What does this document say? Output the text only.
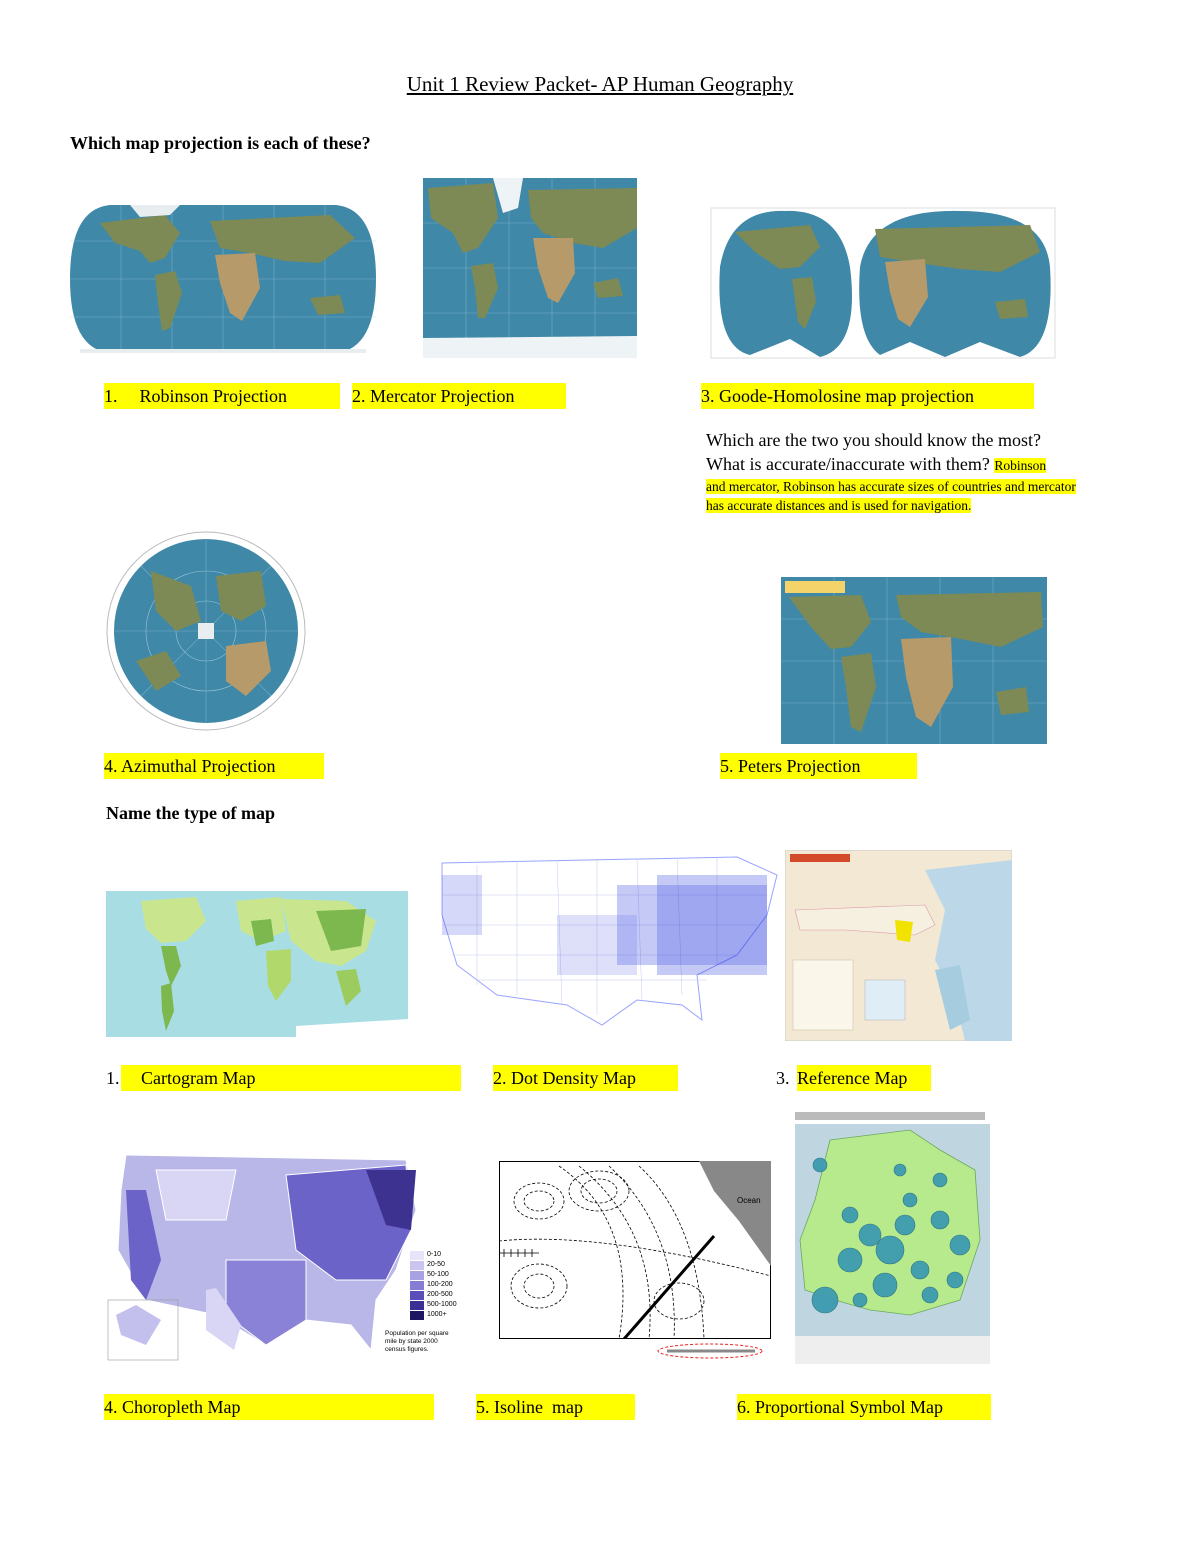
Unit 1 Review Packet- AP Human Geography
Which map projection is each of these?
1. Robinson Projection	2. Mercator Projection	3. Goode-Homolosine map projection
Which are the two you should know the most?
What is accurate/inaccurate with them? Robinson
and mercator, Robinson has accurate sizes of countries and mercator has accurate distances and is used for navigation.
4. Azimuthal Projection	5. Peters Projection
Name the type of map
1.	Cartogram Map	2. Dot Density Map	3. Reference Map
0-10
20-50
50-100
100-200
200-500
500-1000
1000+
Population per square mile by state 2000 census figures.
Ocean
4. Choropleth Map	5. Isoline  map	6. Proportional Symbol Map
